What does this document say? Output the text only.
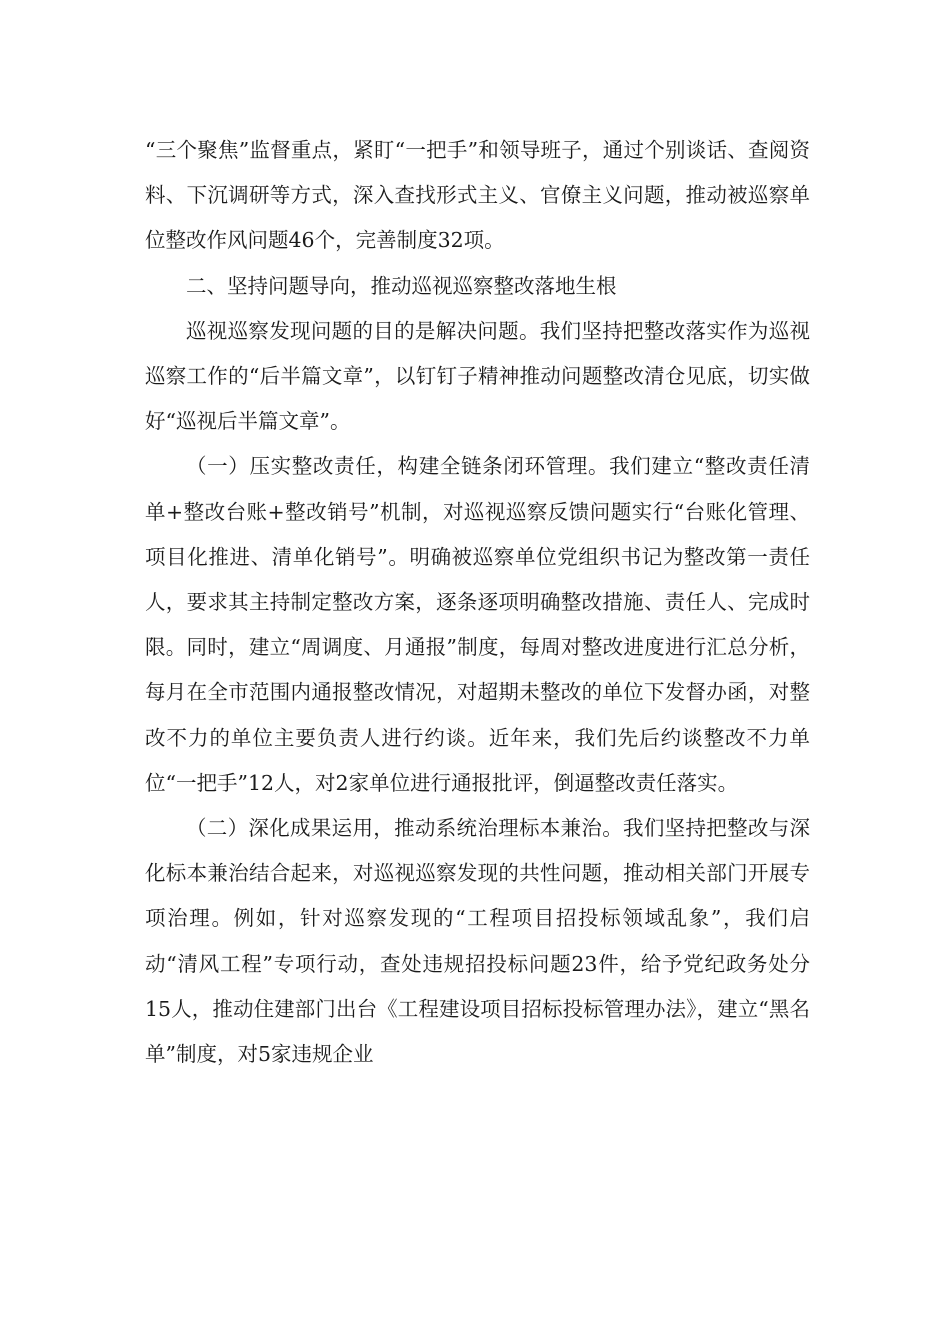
“三个聚焦”监督重点，紧盯“一把手”和领导班子，通过个别谈话、查阅资料、下沉调研等方式，深入查找形式主义、官僚主义问题，推动被巡察单位整改作风问题46个，完善制度32项。

二、坚持问题导向，推动巡视巡察整改落地生根

巡视巡察发现问题的目的是解决问题。我们坚持把整改落实作为巡视巡察工作的“后半篇文章”，以钉钉子精神推动问题整改清仓见底，切实做好“巡视后半篇文章”。

（一）压实整改责任，构建全链条闭环管理。我们建立“整改责任清单+整改台账+整改销号”机制，对巡视巡察反馈问题实行“台账化管理、项目化推进、清单化销号”。明确被巡察单位党组织书记为整改第一责任人，要求其主持制定整改方案，逐条逐项明确整改措施、责任人、完成时限。同时，建立“周调度、月通报”制度，每周对整改进度进行汇总分析，每月在全市范围内通报整改情况，对超期未整改的单位下发督办函，对整改不力的单位主要负责人进行约谈。近年来，我们先后约谈整改不力单位“一把手”12人，对2家单位进行通报批评，倒逼整改责任落实。

（二）深化成果运用，推动系统治理标本兼治。我们坚持把整改与深化标本兼治结合起来，对巡视巡察发现的共性问题，推动相关部门开展专项治理。例如，针对巡察发现的“工程项目招投标领域乱象”，我们启动“清风工程”专项行动，查处违规招投标问题23件，给予党纪政务处分15人，推动住建部门出台《工程建设项目招标投标管理办法》，建立“黑名单”制度，对5家违规企业
